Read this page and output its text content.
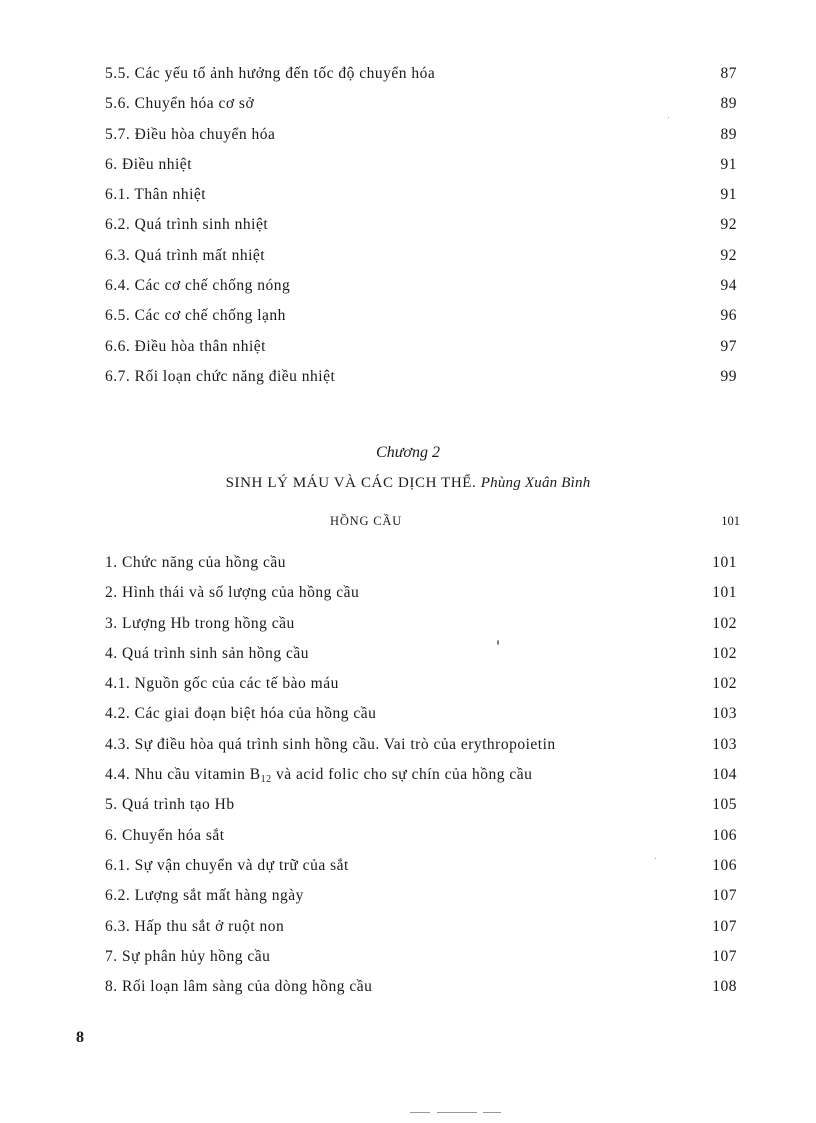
5.5. Các yếu tố ảnh hưởng đến tốc độ chuyển hóa	87
5.6. Chuyển hóa cơ sở	89
5.7. Điều hòa chuyển hóa	89
6. Điều nhiệt	91
6.1. Thân nhiệt	91
6.2. Quá trình sinh nhiệt	92
6.3. Quá trình mất nhiệt	92
6.4. Các cơ chế chống nóng	94
6.5. Các cơ chế chống lạnh	96
6.6. Điều hòa thân nhiệt	97
6.7. Rối loạn chức năng điều nhiệt	99
Chương 2
SINH LÝ MÁU VÀ CÁC DỊCH THỂ. Phùng Xuân Bình
HỒNG CẦU	101
1. Chức năng của hồng cầu	101
2. Hình thái và số lượng của hồng cầu	101
3. Lượng Hb trong hồng cầu	102
4. Quá trình sinh sản hồng cầu	102
4.1. Nguồn gốc của các tế bào máu	102
4.2. Các giai đoạn biệt hóa của hồng cầu	103
4.3. Sự điều hòa quá trình sinh hồng cầu. Vai trò của erythropoietin	103
4.4. Nhu cầu vitamin $B_{12}$ và acid folic cho sự chín của hồng cầu	104
5. Quá trình tạo Hb	105
6. Chuyển hóa sắt	106
6.1. Sự vận chuyển và dự trữ của sắt	106
6.2. Lượng sắt mất hàng ngày	107
6.3. Hấp thu sắt ở ruột non	107
7. Sự phân hủy hồng cầu	107
8. Rối loạn lâm sàng của dòng hồng cầu	108
8
